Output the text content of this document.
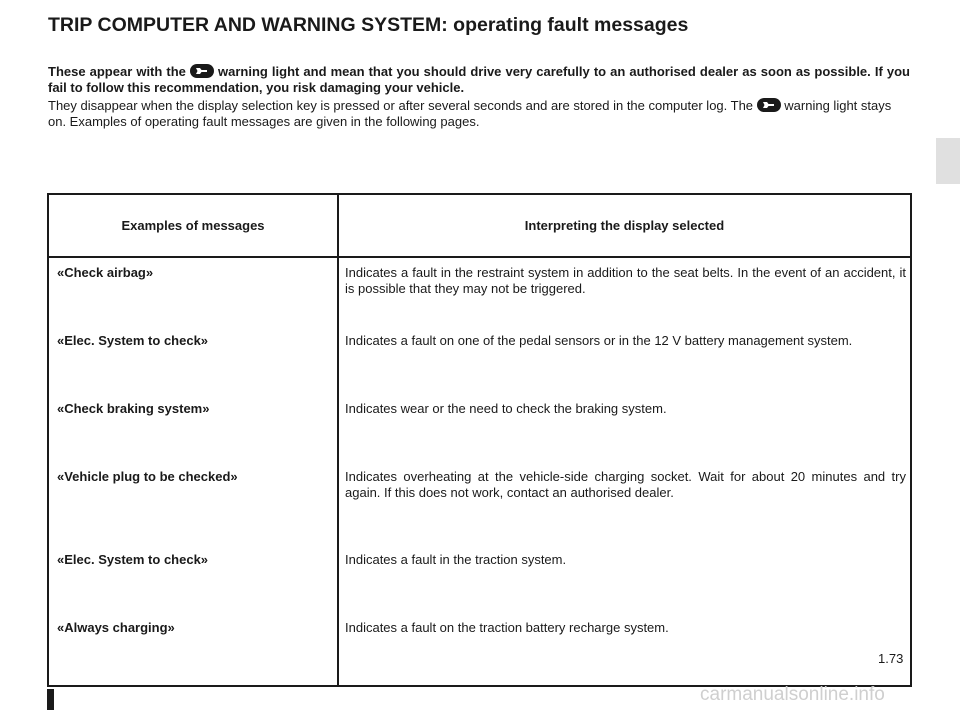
TRIP COMPUTER AND WARNING SYSTEM: operating fault messages

These appear with the warning light and mean that you should drive very carefully to an authorised dealer as soon as possible. If you fail to follow this recommendation, you risk damaging your vehicle.

They disappear when the display selection key is pressed or after several seconds and are stored in the computer log. The warning light stays on. Examples of operating fault messages are given in the following pages.

Examples of messages	Interpreting the display selected
«Check airbag»	Indicates a fault in the restraint system in addition to the seat belts. In the event of an accident, it is possible that they may not be triggered.
«Elec. System to check»	Indicates a fault on one of the pedal sensors or in the 12 V battery management system.
«Check braking system»	Indicates wear or the need to check the braking system.
«Vehicle plug to be checked»	Indicates overheating at the vehicle-side charging socket. Wait for about 20 minutes and try again. If this does not work, contact an authorised dealer.
«Elec. System to check»	Indicates a fault in the traction system.
«Always charging»	Indicates a fault on the traction battery recharge system.
1.73
carmanualsonline.info
